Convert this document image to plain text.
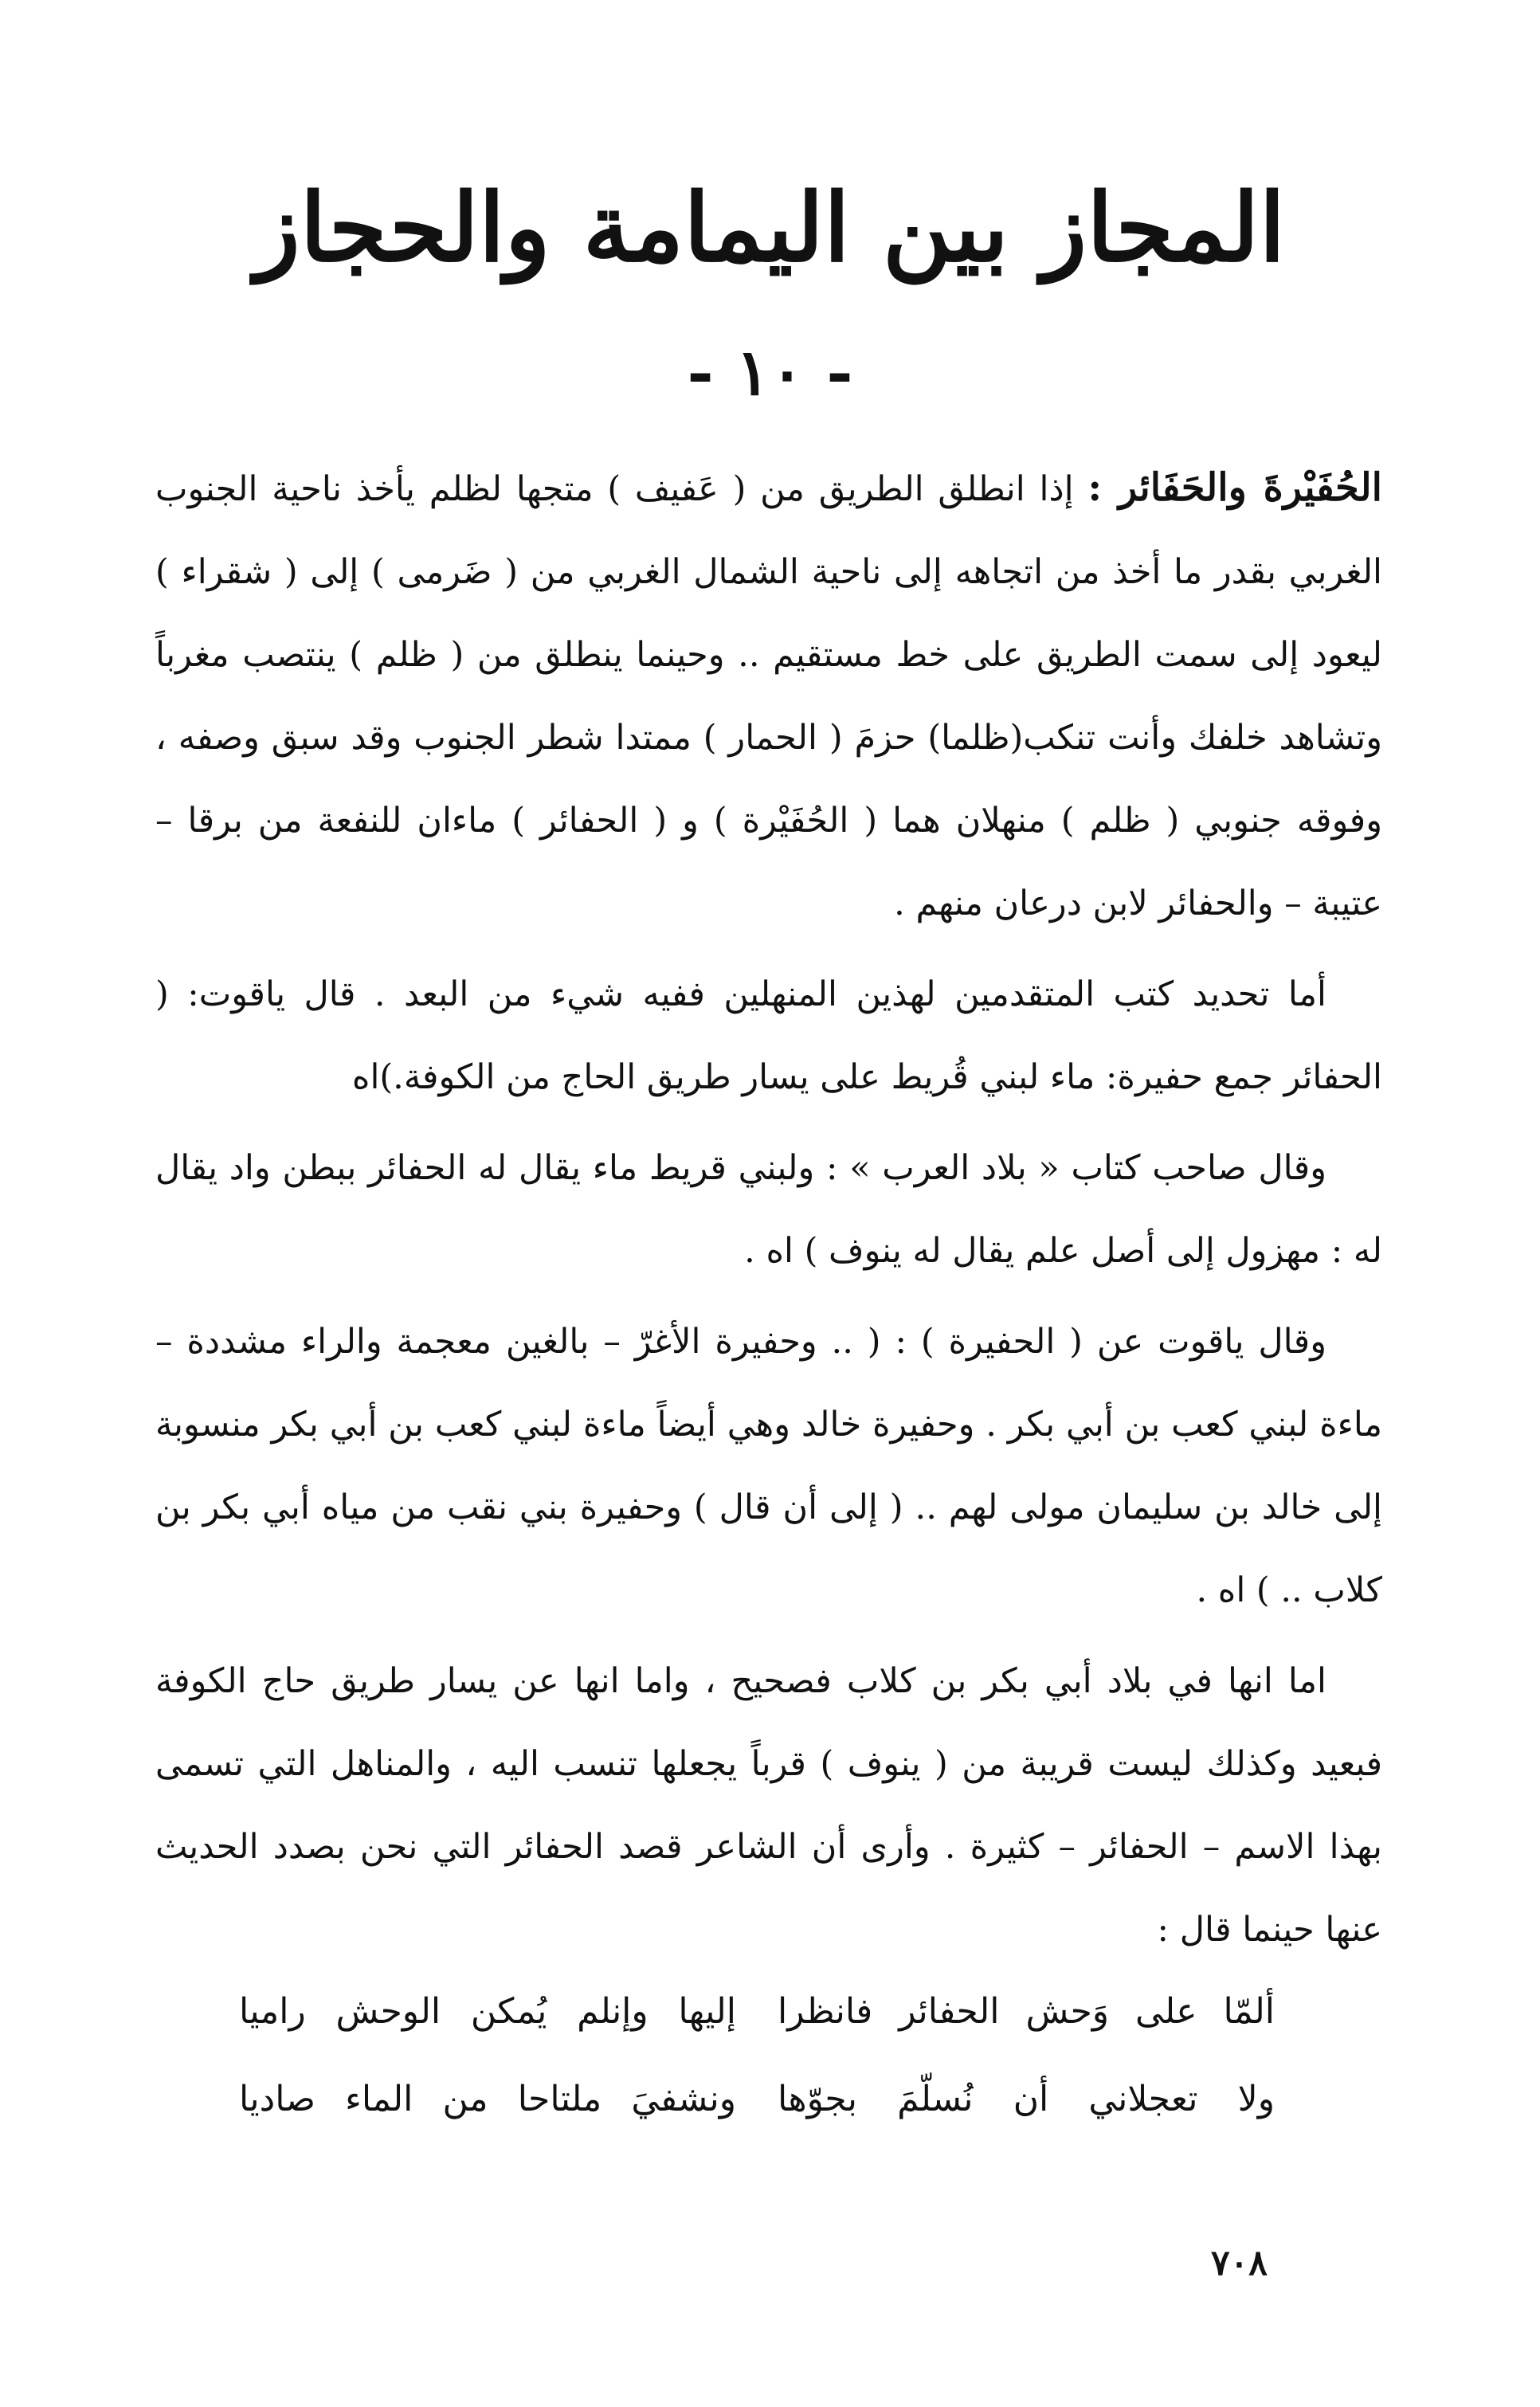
المجاز بين اليمامة والحجاز
- ١٠ -

الحُفَيْرةَ والحَفَائر : إذا انطلق الطريق من ( عَفيف ) متجها لظلم يأخذ ناحية الجنوب الغربي بقدر ما أخذ من اتجاهه إلى ناحية الشمال الغربي من ( ضَرمى ) إلى ( شقراء ) ليعود إلى سمت الطريق على خط مستقيم .. وحينما ينطلق من ( ظلم ) ينتصب مغرباً وتشاهد خلفك وأنت تنكب(ظلما) حزمَ ( الحمار ) ممتدا شطر الجنوب وقد سبق وصفه ، وفوقه جنوبي ( ظلم ) منهلان هما ( الحُفَيْرة ) و ( الحفائر ) ماءان للنفعة من برقا – عتيبة – والحفائر لابن درعان منهم .

أما تحديد كتب المتقدمين لهذين المنهلين ففيه شيء من البعد . قال ياقوت: ( الحفائر جمع حفيرة: ماء لبني قُريط على يسار طريق الحاج من الكوفة.)اه

وقال صاحب كتاب « بلاد العرب » : ولبني قريط ماء يقال له الحفائر ببطن واد يقال له : مهزول إلى أصل علم يقال له ينوف ) اه .

وقال ياقوت عن ( الحفيرة ) : ( .. وحفيرة الأغرّ – بالغين معجمة والراء مشددة – ماءة لبني كعب بن أبي بكر . وحفيرة خالد وهي أيضاً ماءة لبني كعب بن أبي بكر منسوبة إلى خالد بن سليمان مولى لهم .. ( إلى أن قال ) وحفيرة بني نقب من مياه أبي بكر بن كلاب .. ) اه .

اما انها في بلاد أبي بكر بن كلاب فصحيح ، واما انها عن يسار طريق حاج الكوفة فبعيد وكذلك ليست قريبة من ( ينوف ) قرباً يجعلها تنسب اليه ، والمناهل التي تسمى بهذا الاسم – الحفائر – كثيرة . وأرى أن الشاعر قصد الحفائر التي نحن بصدد الحديث عنها حينما قال :

ألمّا على وَحش الحفائر فانظرا
إليها وإنلم يُمكن الوحش راميا
ولا تعجلاني أن نُسلّمَ بجوّها
ونشفيَ ملتاحا من الماء صاديا
٧٠٨
